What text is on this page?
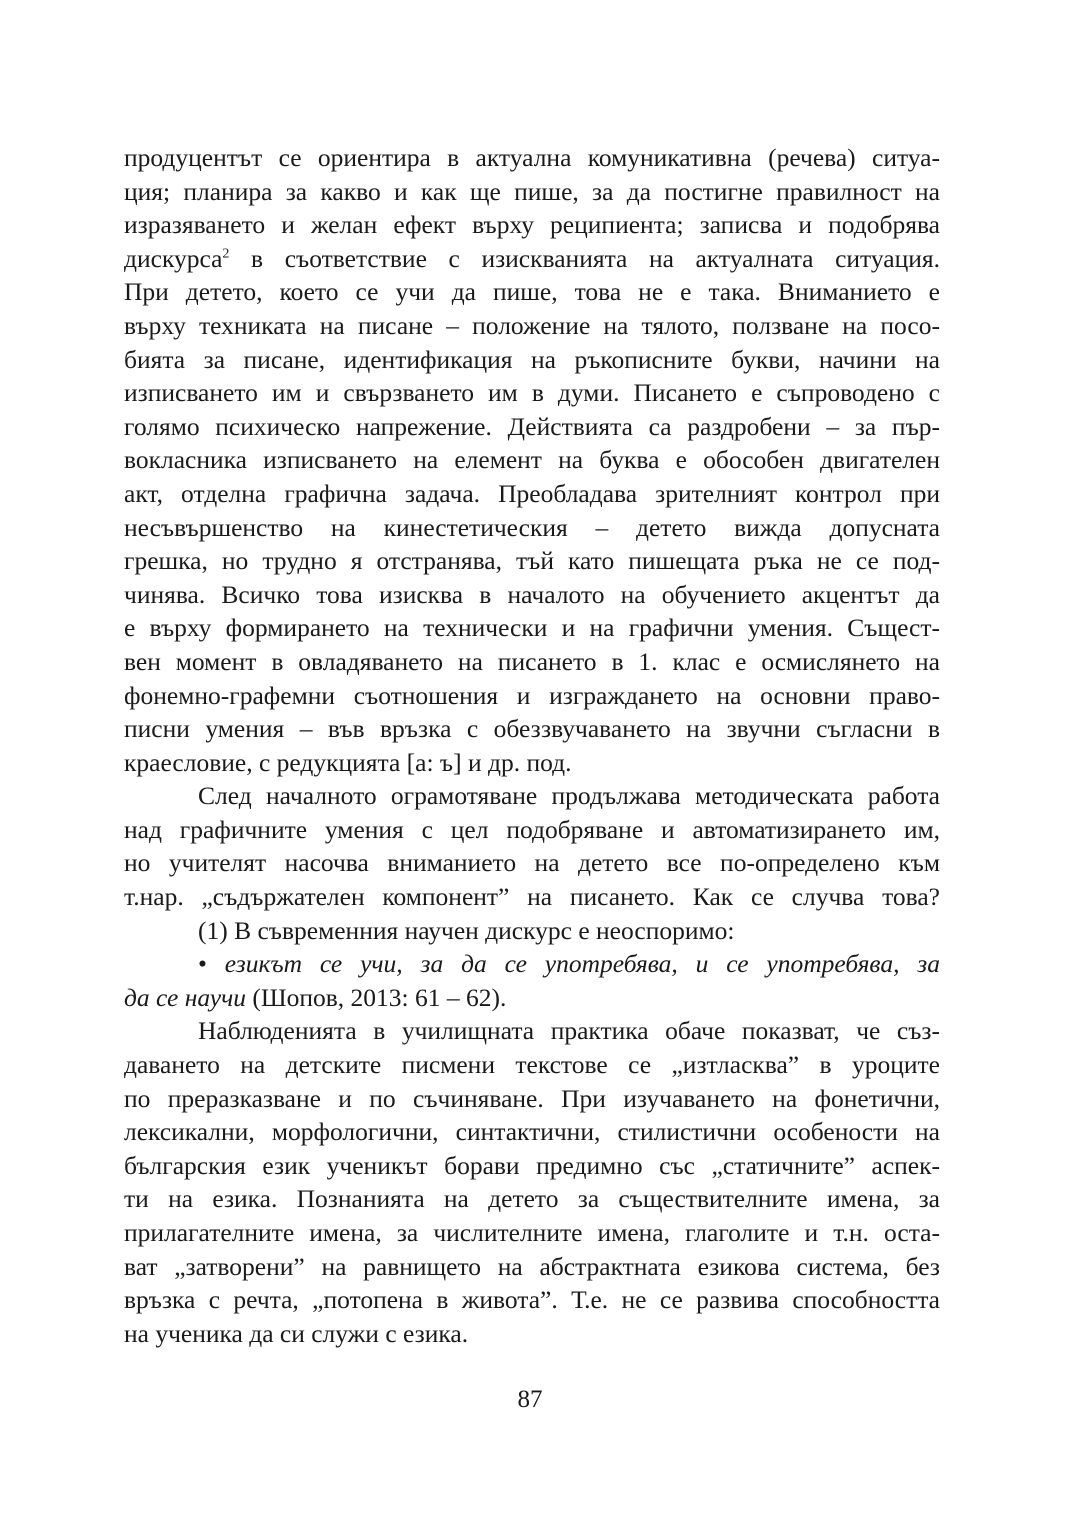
продуцентът се ориентира в актуална комуникативна (речева) ситуа-
ция; планира за какво и как ще пише, за да постигне правилност на
изразяването и желан ефект върху реципиента; записва и подобрява
дискурса$^2$ в съответствие с изискванията на актуалната ситуация.
При детето, което се учи да пише, това не е така. Вниманието е
върху техниката на писане – положение на тялото, ползване на посо-
бията за писане, идентификация на ръкописните букви, начини на
изписването им и свързването им в думи. Писането е съпроводено с
голямо психическо напрежение. Действията са раздробени – за пър-
вокласника изписването на елемент на буква е обособен двигателен
акт, отделна графична задача. Преобладава зрителният контрол при
несъвършенство на кинестетическия – детето вижда допусната
грешка, но трудно я отстранява, тъй като пишещата ръка не се под-
чинява. Всичко това изисква в началото на обучението акцентът да
е върху формирането на технически и на графични умения. Същест-
вен момент в овладяването на писането в 1. клас е осмислянето на
фонемно-графемни съотношения и изграждането на основни право-
писни умения – във връзка с обеззвучаването на звучни съгласни в
краесловие, с редукцията [а: ъ] и др. под.
След началното ограмотяване продължава методическата работа
над графичните умения с цел подобряване и автоматизирането им,
но учителят насочва вниманието на детето все по-определено към
т.нар. „съдържателен компонент” на писането. Как се случва това?
(1) В съвременния научен дискурс е неоспоримо:
• езикът се учи, за да се употребява, и се употребява, за
да се научи (Шопов, 2013: 61 – 62).
Наблюденията в училищната практика обаче показват, че съз-
даването на детските писмени текстове се „изтласква” в уроците
по преразказване и по съчиняване. При изучаването на фонетични,
лексикални, морфологични, синтактични, стилистични особености на
българския език ученикът борави предимно със „статичните” аспек-
ти на езика. Познанията на детето за съществителните имена, за
прилагателните имена, за числителните имена, глаголите и т.н. оста-
ват „затворени” на равнището на абстрактната езикова система, без
връзка с речта, „потопена в живота”. Т.е. не се развива способността
на ученика да си служи с езика.
87
